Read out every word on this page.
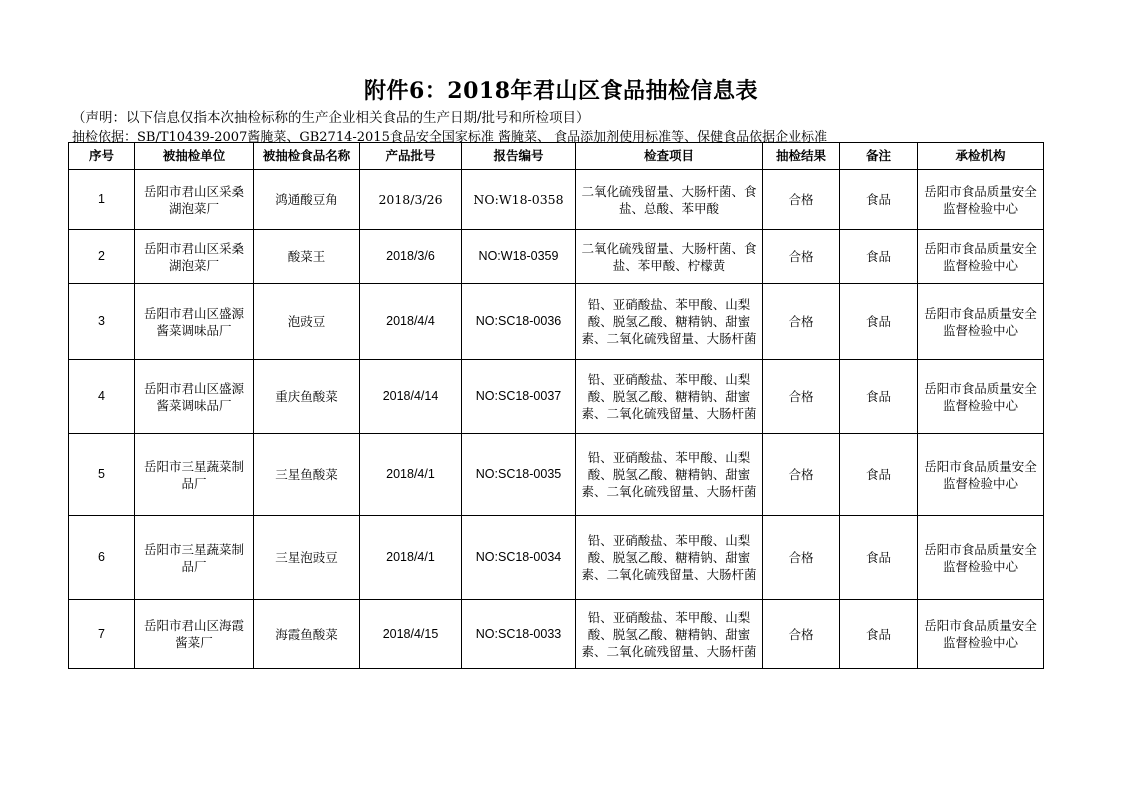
附件6：2018年君山区食品抽检信息表
（声明：以下信息仅指本次抽检标称的生产企业相关食品的生产日期/批号和所检项目）
抽检依据：SB/T10439-2007酱腌菜、GB2714-2015食品安全国家标准 酱腌菜、 食品添加剂使用标准等、保健食品依据企业标准
序号	被抽检单位	被抽检食品名称	产品批号	报告编号	检查项目	抽检结果	备注	承检机构
1	岳阳市君山区采桑湖泡菜厂	鸿通酸豆角	2018/3/26	NO:W18-0358	二氧化硫残留量、大肠杆菌、食盐、总酸、苯甲酸	合格	食品	岳阳市食品质量安全监督检验中心
2	岳阳市君山区采桑湖泡菜厂	酸菜王	2018/3/6	NO:W18-0359	二氧化硫残留量、大肠杆菌、食盐、苯甲酸、柠檬黄	合格	食品	岳阳市食品质量安全监督检验中心
3	岳阳市君山区盛源酱菜调味品厂	泡豉豆	2018/4/4	NO:SC18-0036	铅、亚硝酸盐、苯甲酸、山梨酸、脱氢乙酸、糖精钠、甜蜜素、二氧化硫残留量、大肠杆菌	合格	食品	岳阳市食品质量安全监督检验中心
4	岳阳市君山区盛源酱菜调味品厂	重庆鱼酸菜	2018/4/14	NO:SC18-0037	铅、亚硝酸盐、苯甲酸、山梨酸、脱氢乙酸、糖精钠、甜蜜素、二氧化硫残留量、大肠杆菌	合格	食品	岳阳市食品质量安全监督检验中心
5	岳阳市三星蔬菜制品厂	三星鱼酸菜	2018/4/1	NO:SC18-0035	铅、亚硝酸盐、苯甲酸、山梨酸、脱氢乙酸、糖精钠、甜蜜素、二氧化硫残留量、大肠杆菌	合格	食品	岳阳市食品质量安全监督检验中心
6	岳阳市三星蔬菜制品厂	三星泡豉豆	2018/4/1	NO:SC18-0034	铅、亚硝酸盐、苯甲酸、山梨酸、脱氢乙酸、糖精钠、甜蜜素、二氧化硫残留量、大肠杆菌	合格	食品	岳阳市食品质量安全监督检验中心
7	岳阳市君山区海霞酱菜厂	海霞鱼酸菜	2018/4/15	NO:SC18-0033	铅、亚硝酸盐、苯甲酸、山梨酸、脱氢乙酸、糖精钠、甜蜜素、二氧化硫残留量、大肠杆菌	合格	食品	岳阳市食品质量安全监督检验中心
